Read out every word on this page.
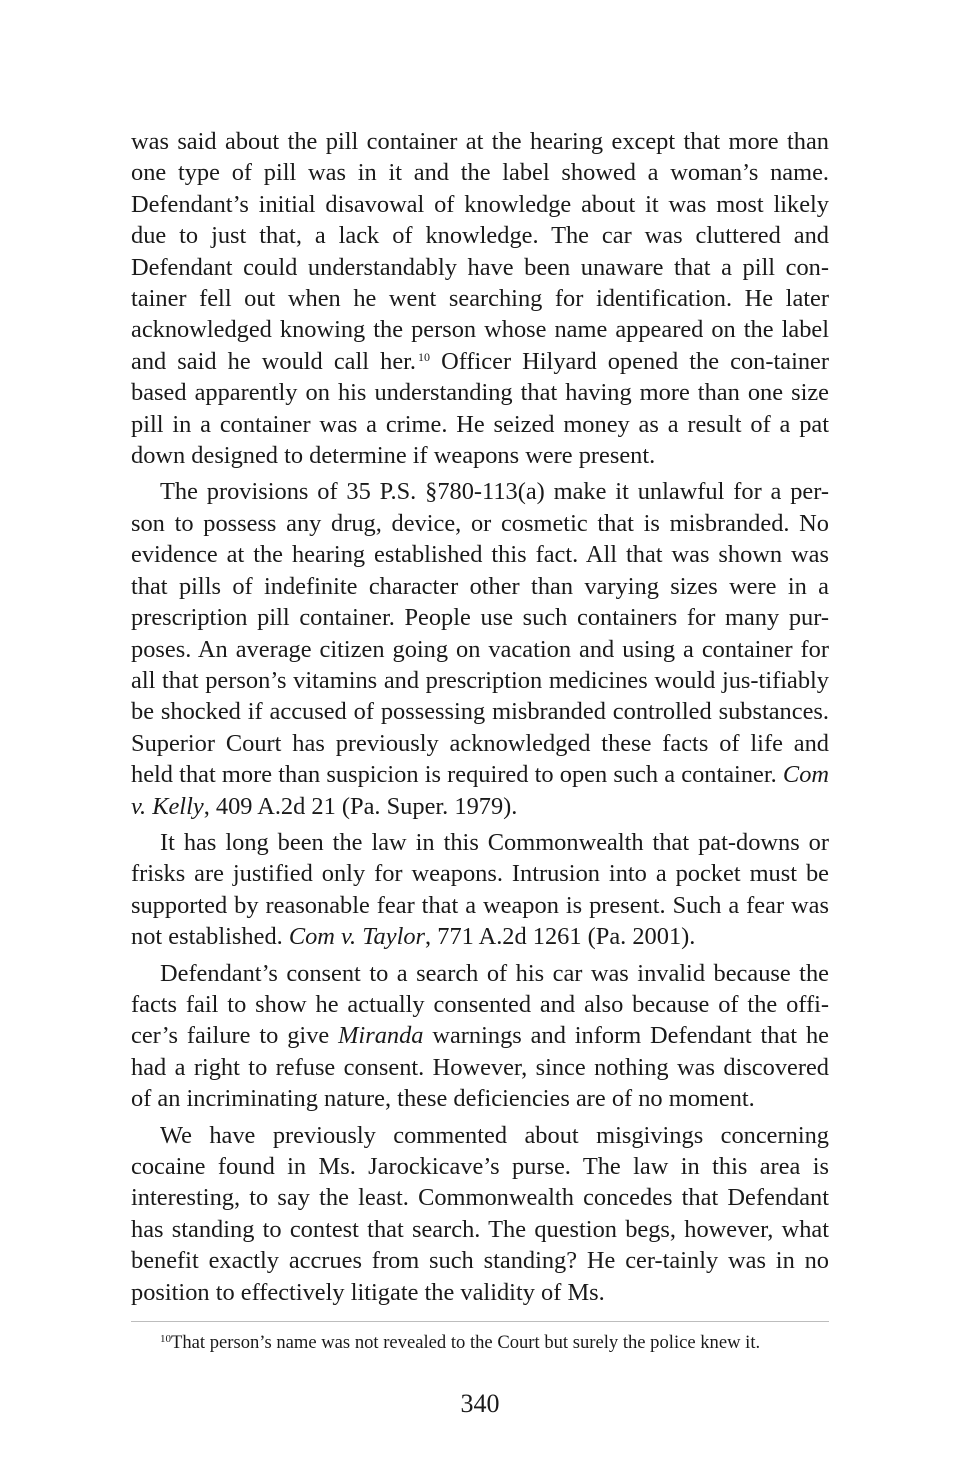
was said about the pill container at the hearing except that more than one type of pill was in it and the label showed a woman’s name. Defendant’s initial disavowal of knowledge about it was most likely due to just that, a lack of knowledge. The car was cluttered and Defendant could understandably have been unaware that a pill con-tainer fell out when he went searching for identification. He later acknowledged knowing the person whose name appeared on the label and said he would call her. $^{10}$ Officer Hilyard opened the con-tainer based apparently on his understanding that having more than one size pill in a container was a crime. He seized money as a result of a pat down designed to determine if weapons were present.

The provisions of 35 P.S. §780-113(a) make it unlawful for a per-son to possess any drug, device, or cosmetic that is misbranded. No evidence at the hearing established this fact. All that was shown was that pills of indefinite character other than varying sizes were in a prescription pill container. People use such containers for many pur-poses. An average citizen going on vacation and using a container for all that person’s vitamins and prescription medicines would jus-tifiably be shocked if accused of possessing misbranded controlled substances. Superior Court has previously acknowledged these facts of life and held that more than suspicion is required to open such a container. Com v. Kelly, 409 A.2d 21 (Pa. Super. 1979).

It has long been the law in this Commonwealth that pat-downs or frisks are justified only for weapons. Intrusion into a pocket must be supported by reasonable fear that a weapon is present. Such a fear was not established. Com v. Taylor, 771 A.2d 1261 (Pa. 2001).

Defendant’s consent to a search of his car was invalid because the facts fail to show he actually consented and also because of the offi-cer’s failure to give Miranda warnings and inform Defendant that he had a right to refuse consent. However, since nothing was discovered of an incriminating nature, these deficiencies are of no moment.

We have previously commented about misgivings concerning cocaine found in Ms. Jarockicave’s purse. The law in this area is interesting, to say the least. Commonwealth concedes that Defendant has standing to contest that search. The question begs, however, what benefit exactly accrues from such standing? He cer-tainly was in no position to effectively litigate the validity of Ms.

$^{10}$That person’s name was not revealed to the Court but surely the police knew it.
340
